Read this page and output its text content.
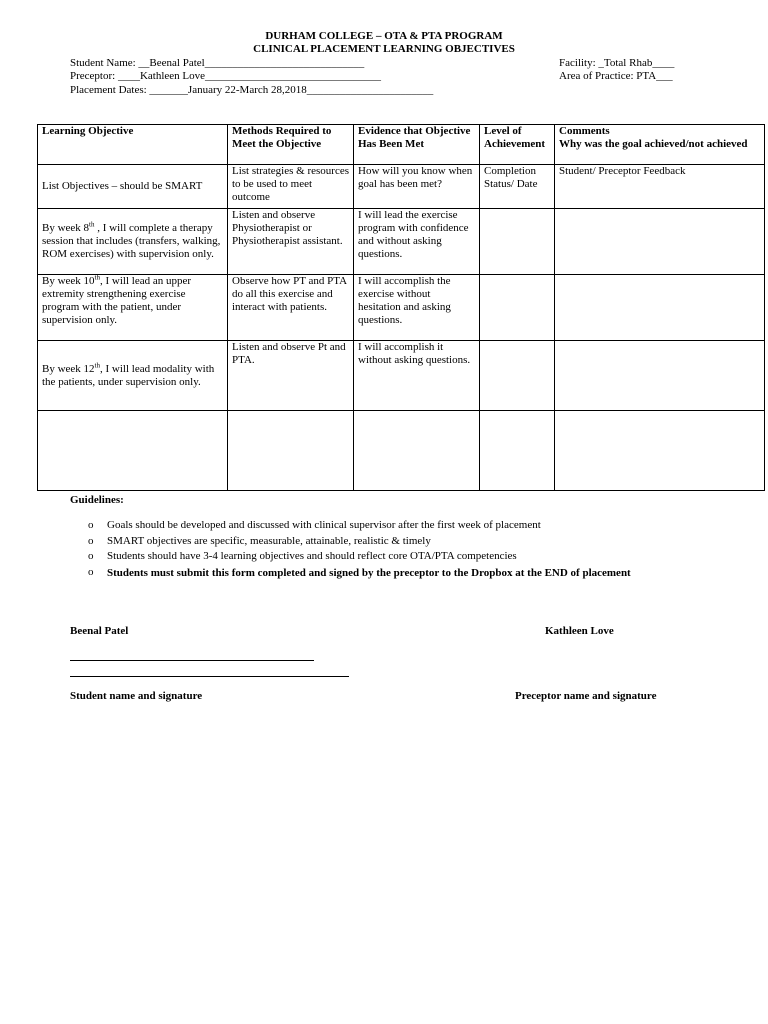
DURHAM COLLEGE – OTA & PTA PROGRAM
CLINICAL PLACEMENT LEARNING OBJECTIVES
Student Name: __Beenal Patel_____________________________
Preceptor: ____Kathleen Love________________________________
Placement Dates: _______January 22-March 28,2018_______________________
Facility: _Total Rhab____
Area of Practice: PTA___
Learning Objective	Methods Required to Meet the Objective	Evidence that Objective Has Been Met	Level of Achievement	Comments
Why was the goal achieved/not achieved

List Objectives – should be SMART	List strategies & resources to be used to meet outcome	How will you know when goal has been met?	Completion Status/ Date	Student/ Preceptor Feedback
By week 8th , I will complete a therapy session that includes (transfers, walking, ROM exercises) with supervision only.	Listen and observe Physiotherapist or Physiotherapist assistant.	I will lead the exercise program with confidence and without asking questions.		
By week 10th, I will lead an upper extremity strengthening exercise program with the patient, under supervision only.	Observe how PT and PTA do all this exercise and interact with patients.	I will accomplish the exercise without hesitation and asking questions.		
By week 12th, I will lead modality with the patients, under supervision only.	Listen and observe Pt and PTA.	I will accomplish it without asking questions.		

Guidelines:
o Goals should be developed and discussed with clinical supervisor after the first week of placement
o SMART objectives are specific, measurable, attainable, realistic & timely
o Students should have 3-4 learning objectives and should reflect core OTA/PTA competencies
o Students must submit this form completed and signed by the preceptor to the Dropbox at the END of placement
Beenal Patel	Kathleen Love
Student name and signature	Preceptor name and signature
